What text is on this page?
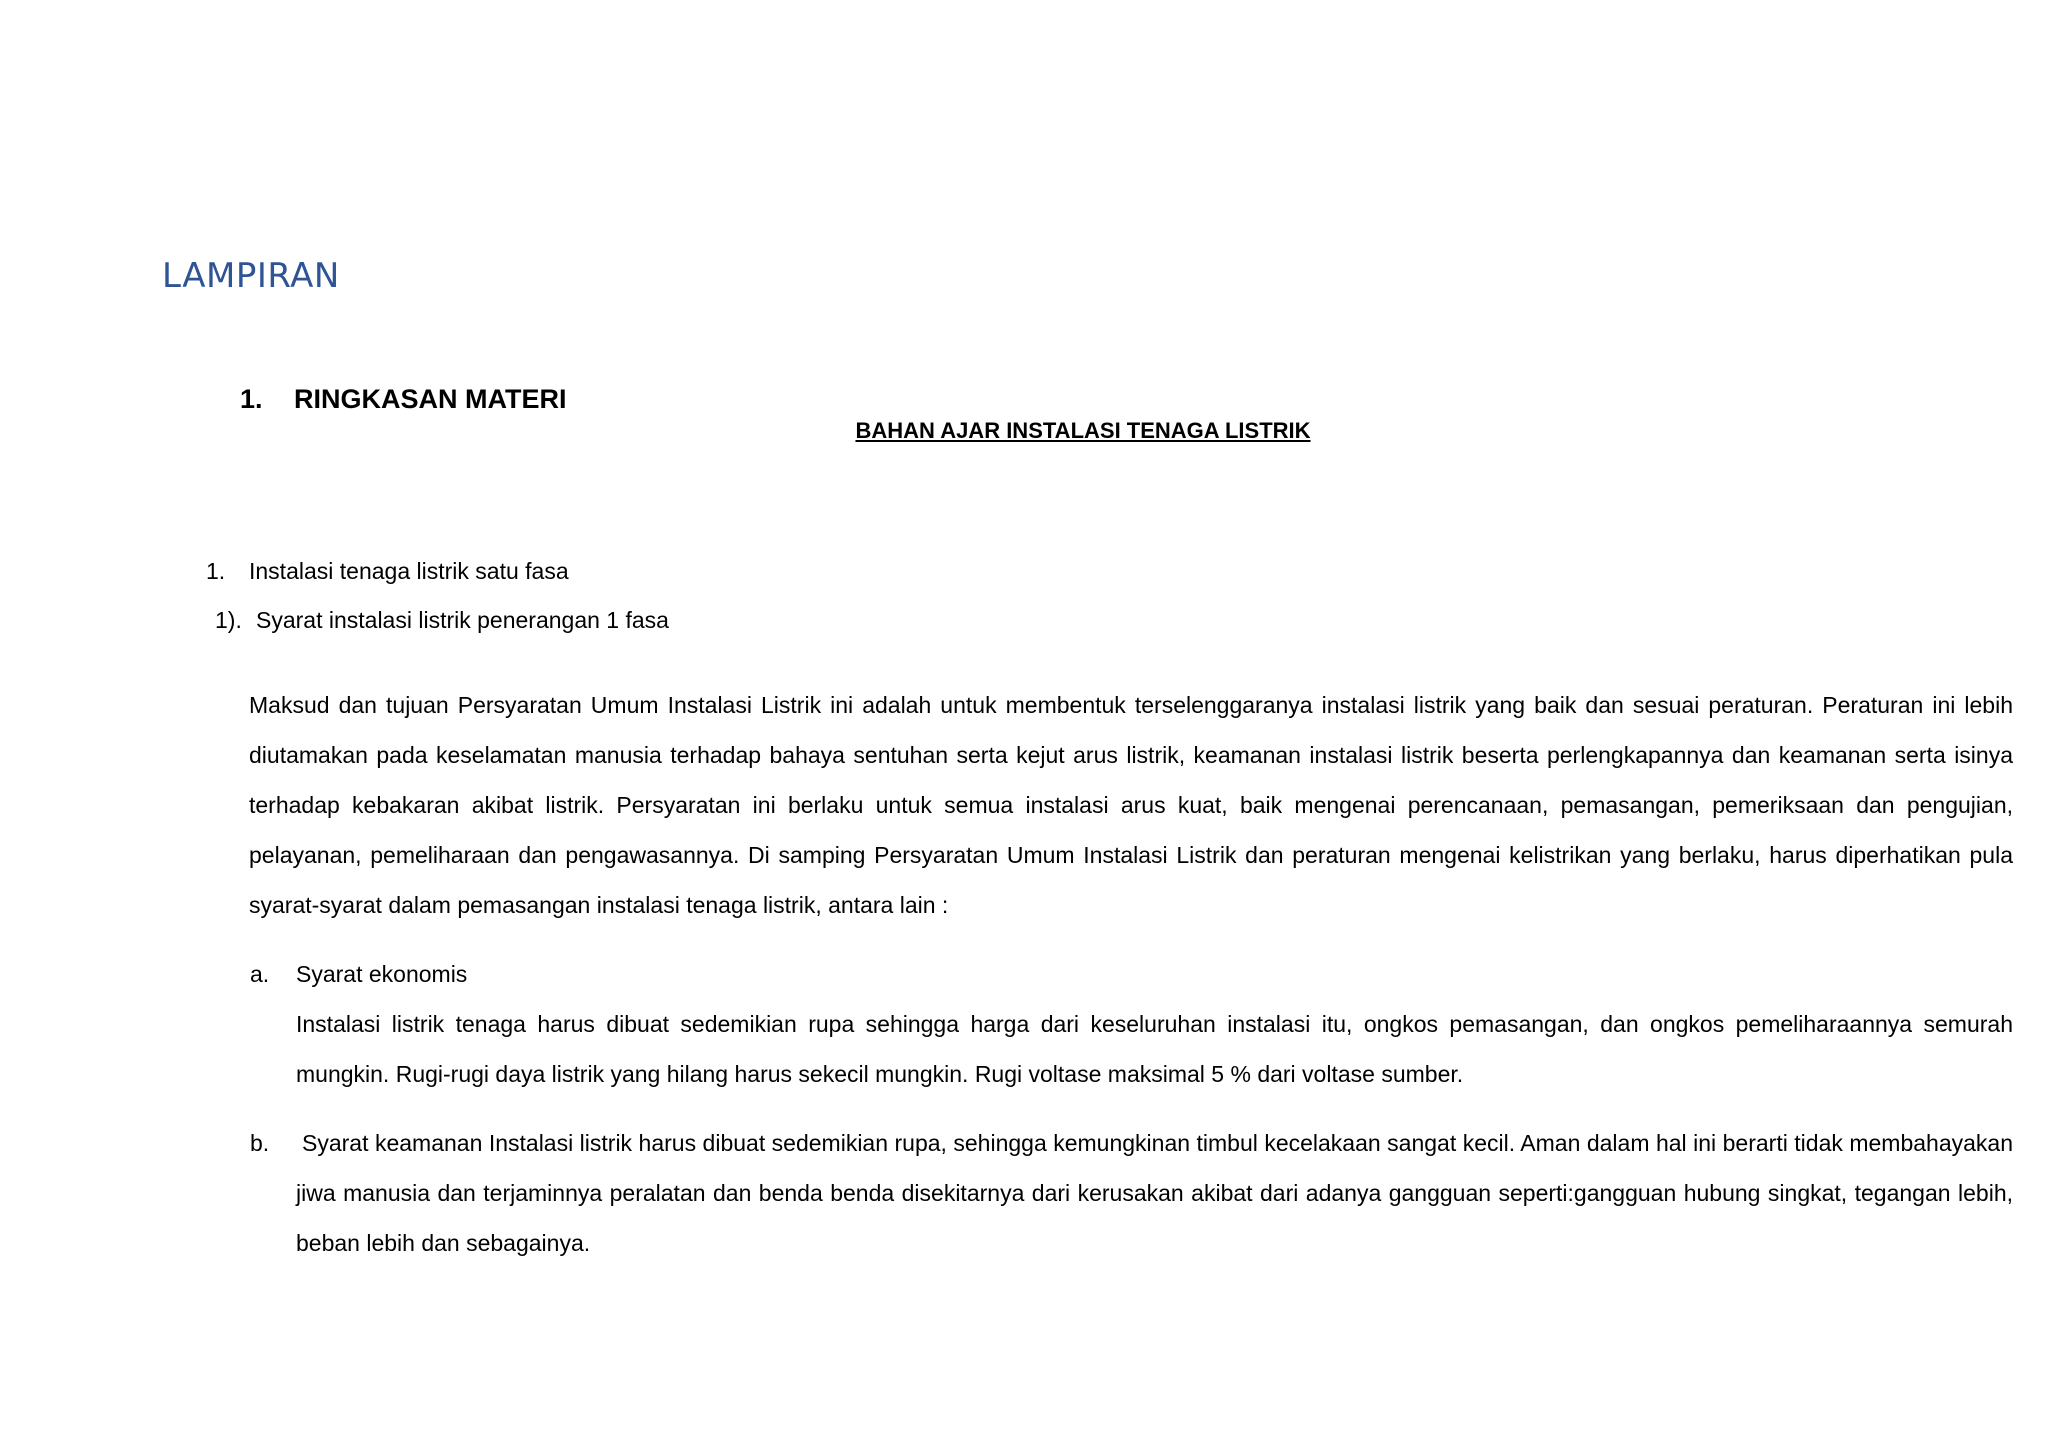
LAMPIRAN
1. RINGKASAN MATERI
BAHAN AJAR INSTALASI TENAGA LISTRIK
1. Instalasi tenaga listrik satu fasa
1). Syarat instalasi listrik penerangan 1 fasa
Maksud dan tujuan Persyaratan Umum Instalasi Listrik ini adalah untuk membentuk terselenggaranya instalasi listrik yang baik dan sesuai peraturan. Peraturan ini lebih diutamakan pada keselamatan manusia terhadap bahaya sentuhan serta kejut arus listrik, keamanan instalasi listrik beserta perlengkapannya dan keamanan serta isinya terhadap kebakaran akibat listrik. Persyaratan ini berlaku untuk semua instalasi arus kuat, baik mengenai perencanaan, pemasangan, pemeriksaan dan pengujian, pelayanan, pemeliharaan dan pengawasannya. Di samping Persyaratan Umum Instalasi Listrik dan peraturan mengenai kelistrikan yang berlaku, harus diperhatikan pula syarat-syarat dalam pemasangan instalasi tenaga listrik, antara lain :
a. Syarat ekonomis
Instalasi listrik tenaga harus dibuat sedemikian rupa sehingga harga dari keseluruhan instalasi itu, ongkos pemasangan, dan ongkos pemeliharaannya semurah mungkin. Rugi-rugi daya listrik yang hilang harus sekecil mungkin. Rugi voltase maksimal 5 % dari voltase sumber.
b. Syarat keamanan Instalasi listrik harus dibuat sedemikian rupa, sehingga kemungkinan timbul kecelakaan sangat kecil. Aman dalam hal ini berarti tidak membahayakan jiwa manusia dan terjaminnya peralatan dan benda benda disekitarnya dari kerusakan akibat dari adanya gangguan seperti:gangguan hubung singkat, tegangan lebih, beban lebih dan sebagainya.
